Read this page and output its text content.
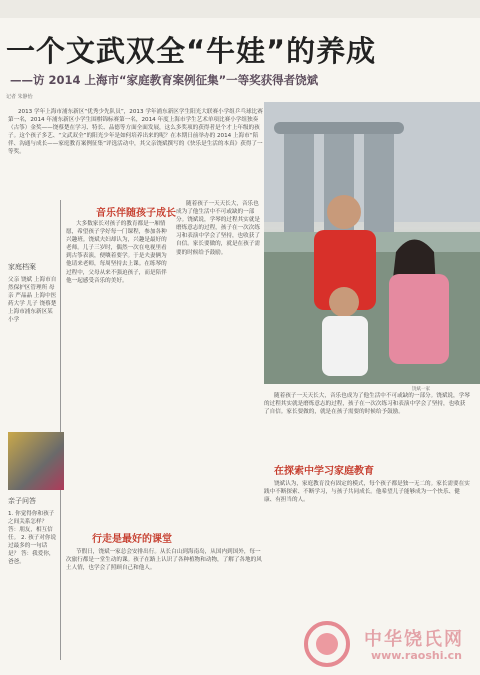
一个文武双全“牛娃”的养成
——访 2014 上海市“家庭教育案例征集”一等奖获得者饶斌
记者 朱静怡
2013 学年上海市浦东新区“优秀少先队员”，2013 学年浦东新区学生阳光大联赛小学组乒乓球比赛第一名，2014 年浦东新区小学生围棋锦标赛第一名，2014 年度上海市学生艺术单项比赛小学组独奏（古筝）金奖——饶蔡楚在学习、特长、品德等方面全面发展，这么多奖项的获得者是个才上年级的孩子。这个孩子多艺、“文武双全”的阳光少年是如何培养出来的呢？在本期日前举办的 2014 上海市“陪伴、沟通与成长——家庭教育案例征集”评选活动中，其父亲饶斌撰写的《快乐是生活的本真》获得了一等奖。
饶斌一家
家庭档案
父亲 饶斌 上海市自然保护区管理所 母亲 严晶晶 上海中医药大学 儿子 饶蔡楚 上海市浦东新区某小学
亲子问答
1. 你觉得你和孩子之间关系怎样？ 答：朋友，相互信任。 2. 孩子对你说过最多的一句话是？ 答：我爱你，爸爸。
音乐伴随孩子成长
大多数家长对孩子的教育都是一厢情愿，希望孩子学好每一门课程，参加各种兴趣班。饶斌夫妇却认为，兴趣是最好的老师。儿子三岁时，偶然一次在电视里看到古筝表演，便嚷着要学。于是夫妻俩为他请来老师，每周坚持去上课。在练琴的过程中，父母从来不强迫孩子，而是陪伴他一起感受音乐的美好。
随着孩子一天天长大，音乐也成为了他生活中不可或缺的一部分。饶斌说，学琴的过程其实就是磨炼意志的过程，孩子在一次次练习和表演中学会了坚持，也收获了自信。家长要做的，就是在孩子需要的时候给予鼓励。
行走是最好的课堂
节假日，饶斌一家总会安排出行。从长白山到海南岛，从国内到国外，每一次旅行都是一堂生动的课。孩子在路上认识了各种植物和动物，了解了各地的风土人情，也学会了照顾自己和他人。
随着孩子一天天长大，音乐也成为了他生活中不可或缺的一部分。饶斌说，学琴的过程其实就是磨炼意志的过程，孩子在一次次练习和表演中学会了坚持，也收获了自信。家长要做的，就是在孩子需要的时候给予鼓励。
在探索中学习家庭教育
饶斌认为，家庭教育没有固定的模式，每个孩子都是独一无二的。家长需要在实践中不断探索、不断学习，与孩子共同成长。他希望儿子能够成为一个快乐、健康、有担当的人。
中华饶氏网
www.raoshi.cn
